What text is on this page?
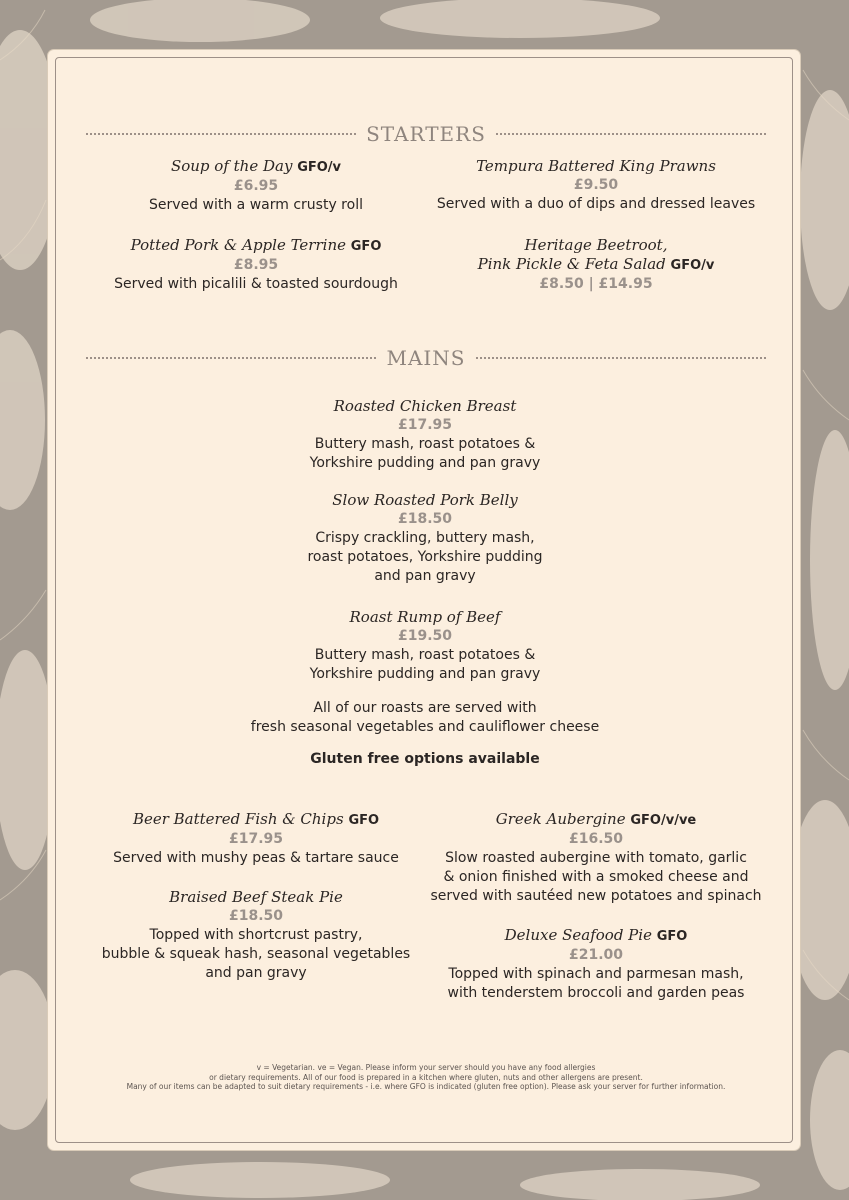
STARTERS
Soup of the Day GFO/v
£6.95
Served with a warm crusty roll
Tempura Battered King Prawns
£9.50
Served with a duo of dips and dressed leaves
Potted Pork & Apple Terrine GFO
£8.95
Served with picalili & toasted sourdough
Heritage Beetroot,
Pink Pickle & Feta Salad GFO/v
£8.50 | £14.95
MAINS
Roasted Chicken Breast
£17.95
Buttery mash, roast potatoes &
Yorkshire pudding and pan gravy
Slow Roasted Pork Belly
£18.50
Crispy crackling, buttery mash,
roast potatoes, Yorkshire pudding
and pan gravy
Roast Rump of Beef
£19.50
Buttery mash, roast potatoes &
Yorkshire pudding and pan gravy
All of our roasts are served with
fresh seasonal vegetables and cauliflower cheese
Gluten free options available
Beer Battered Fish & Chips GFO
£17.95
Served with mushy peas & tartare sauce
Greek Aubergine GFO/v/ve
£16.50
Slow roasted aubergine with tomato, garlic
& onion finished with a smoked cheese and
served with sautéed new potatoes and spinach
Braised Beef Steak Pie
£18.50
Topped with shortcrust pastry,
bubble & squeak hash, seasonal vegetables
and pan gravy
Deluxe Seafood Pie GFO
£21.00
Topped with spinach and parmesan mash,
with tenderstem broccoli and garden peas
v = Vegetarian. ve = Vegan. Please inform your server should you have any food allergies
or dietary requirements. All of our food is prepared in a kitchen where gluten, nuts and other allergens are present.
Many of our items can be adapted to suit dietary requirements - i.e. where GFO is indicated (gluten free option). Please ask your server for further information.
